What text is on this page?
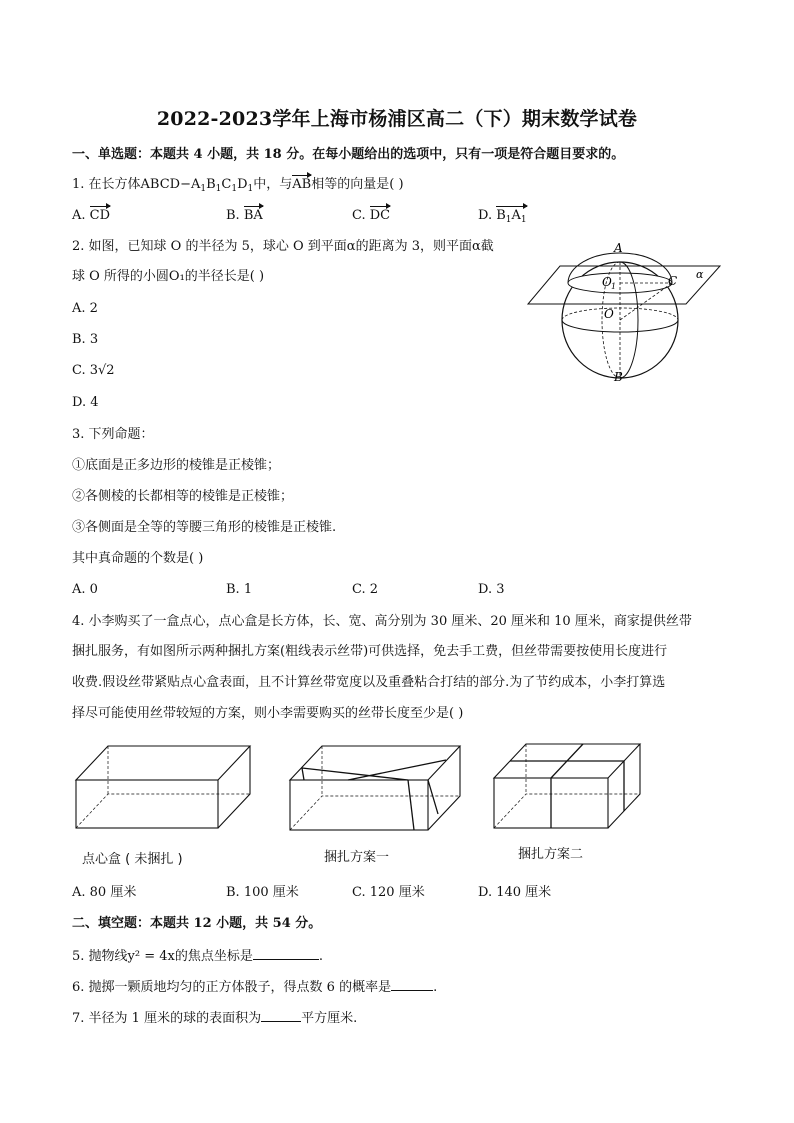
2022-2023学年上海市杨浦区高二（下）期末数学试卷
一、单选题：本题共 4 小题，共 18 分。在每小题给出的选项中，只有一项是符合题目要求的。
1. 在长方体$ABCD-A_1B_1C_1D_1$中，与AB相等的向量是( )
A. CD	B. BA	C. DC	D. $B_1A_1$
2. 如图，已知球 O 的半径为 5，球心 O 到平面α的距离为 3，则平面α截
球 O 所得的小圆O₁的半径长是( )
A. 2
B. 3
C. 3√2
D. 4
A
B
C
O 1
O
α
3. 下列命题：
①底面是正多边形的棱锥是正棱锥；
②各侧棱的长都相等的棱锥是正棱锥；
③各侧面是全等的等腰三角形的棱锥是正棱锥.
其中真命题的个数是( )
A. 0	B. 1	C. 2	D. 3
4. 小李购买了一盒点心，点心盒是长方体，长、宽、高分别为 30 厘米、20 厘米和 10 厘米，商家提供丝带
捆扎服务，有如图所示两种捆扎方案(粗线表示丝带)可供选择，免去手工费，但丝带需要按使用长度进行
收费.假设丝带紧贴点心盒表面，且不计算丝带宽度以及重叠粘合打结的部分.为了节约成本，小李打算选
择尽可能使用丝带较短的方案，则小李需要购买的丝带长度至少是( )
点心盒 ( 未捆扎 )	捆扎方案一	捆扎方案二
A. 80 厘米	B. 100 厘米	C. 120 厘米	D. 140 厘米
二、填空题：本题共 12 小题，共 54 分。
5. 抛物线y² = 4x的焦点坐标是	.
6. 抛掷一颗质地均匀的正方体骰子，得点数 6 的概率是	.
7. 半径为 1 厘米的球的表面积为	平方厘米.
